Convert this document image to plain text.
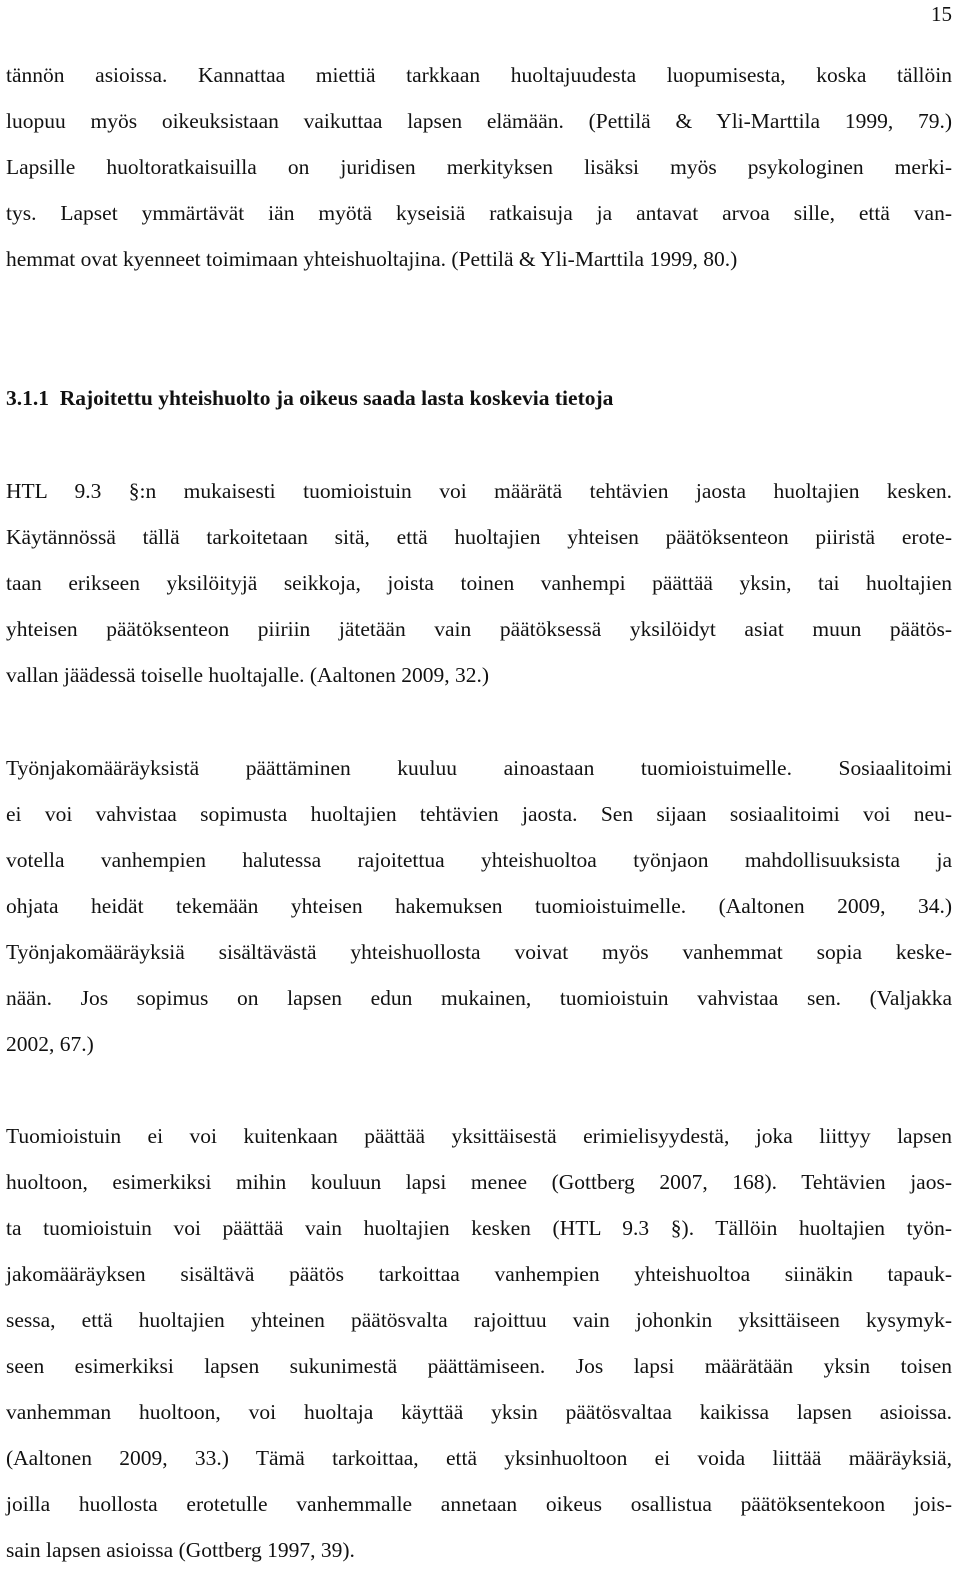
15
tännön asioissa. Kannattaa miettiä tarkkaan huoltajuudesta luopumisesta, koska tällöin
luopuu myös oikeuksistaan vaikuttaa lapsen elämään. (Pettilä & Yli-Marttila 1999, 79.)
Lapsille huoltoratkaisuilla on juridisen merkityksen lisäksi myös psykologinen merki-
tys. Lapset ymmärtävät iän myötä kyseisiä ratkaisuja ja antavat arvoa sille, että van-
hemmat ovat kyenneet toimimaan yhteishuoltajina. (Pettilä & Yli-Marttila 1999, 80.)
3.1.1  Rajoitettu yhteishuolto ja oikeus saada lasta koskevia tietoja
HTL 9.3 §:n mukaisesti tuomioistuin voi määrätä tehtävien jaosta huoltajien kesken.
Käytännössä tällä tarkoitetaan sitä, että huoltajien yhteisen päätöksenteon piiristä erote-
taan erikseen yksilöityjä seikkoja, joista toinen vanhempi päättää yksin, tai huoltajien
yhteisen päätöksenteon piiriin jätetään vain päätöksessä yksilöidyt asiat muun päätös-
vallan jäädessä toiselle huoltajalle. (Aaltonen 2009, 32.)
Työnjakomääräyksistä päättäminen kuuluu ainoastaan tuomioistuimelle. Sosiaalitoimi
ei voi vahvistaa sopimusta huoltajien tehtävien jaosta. Sen sijaan sosiaalitoimi voi neu-
votella vanhempien halutessa rajoitettua yhteishuoltoa työnjaon mahdollisuuksista ja
ohjata heidät tekemään yhteisen hakemuksen tuomioistuimelle. (Aaltonen 2009, 34.)
Työnjakomääräyksiä sisältävästä yhteishuollosta voivat myös vanhemmat sopia keske-
nään. Jos sopimus on lapsen edun mukainen, tuomioistuin vahvistaa sen. (Valjakka
2002, 67.)
Tuomioistuin ei voi kuitenkaan päättää yksittäisestä erimielisyydestä, joka liittyy lapsen
huoltoon, esimerkiksi mihin kouluun lapsi menee (Gottberg 2007, 168). Tehtävien jaos-
ta tuomioistuin voi päättää vain huoltajien kesken (HTL 9.3 §). Tällöin huoltajien työn-
jakomääräyksen sisältävä päätös tarkoittaa vanhempien yhteishuoltoa siinäkin tapauk-
sessa, että huoltajien yhteinen päätösvalta rajoittuu vain johonkin yksittäiseen kysymyk-
seen esimerkiksi lapsen sukunimestä päättämiseen. Jos lapsi määrätään yksin toisen
vanhemman huoltoon, voi huoltaja käyttää yksin päätösvaltaa kaikissa lapsen asioissa.
(Aaltonen 2009, 33.) Tämä tarkoittaa, että yksinhuoltoon ei voida liittää määräyksiä,
joilla huollosta erotetulle vanhemmalle annetaan oikeus osallistua päätöksentekoon jois-
sain lapsen asioissa (Gottberg 1997, 39).
